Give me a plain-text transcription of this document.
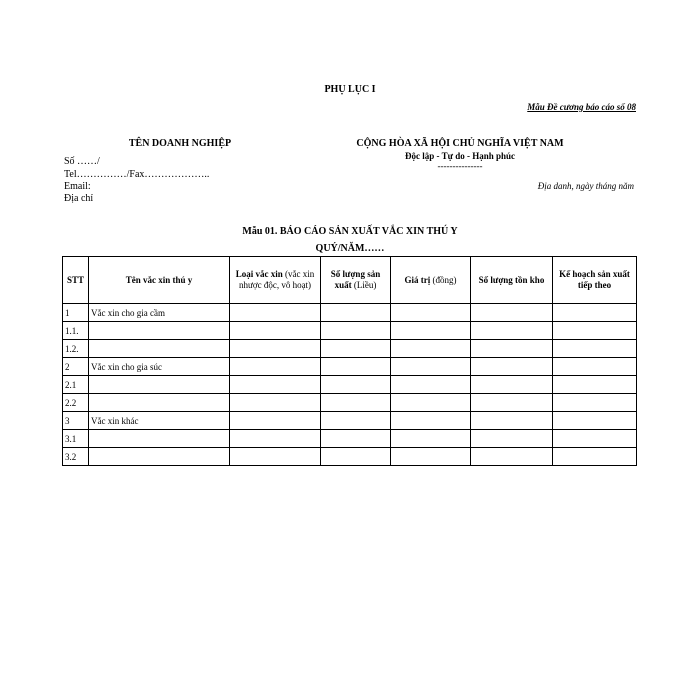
PHỤ LỤC I
Mẫu Đề cương báo cáo số 08
TÊN DOANH NGHIỆP
Số ……/
Tel……………/Fax………………..
Email:
Địa chỉ
CỘNG HÒA XÃ HỘI CHỦ NGHĨA VIỆT NAM
Độc lập - Tự do - Hạnh phúc
---------------
Địa danh, ngày tháng năm
Mẫu 01. BÁO CÁO SẢN XUẤT VẮC XIN THÚ Y
QUÝ/NĂM……
STT	Tên vắc xin thú y	Loại vắc xin (vắc xin nhược độc, vô hoạt)	Số lượng sản xuất (Liều)	Giá trị (đồng)	Số lượng tồn kho	Kế hoạch sản xuất tiếp theo
1	Vắc xin cho gia cầm					
1.1.						
1.2.						
2	Vắc xin cho gia súc					
2.1						
2.2						
3	Vắc xin khác					
3.1						
3.2						
